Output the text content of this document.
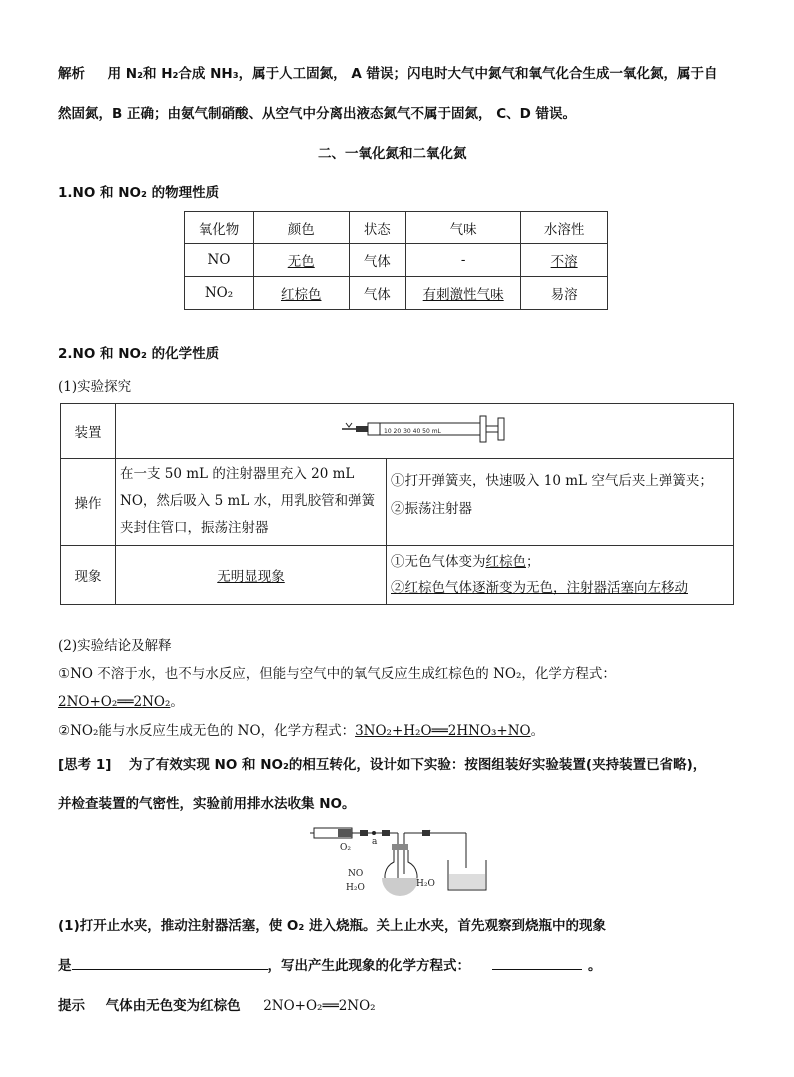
解析 用 N₂和 H₂合成 NH₃，属于人工固氮， A 错误；闪电时大气中氮气和氧气化合生成一氧化氮，属于自
然固氮，B 正确；由氨气制硝酸、从空气中分离出液态氮气不属于固氮， C、D 错误。
二、一氧化氮和二氧化氮
1.NO 和 NO₂ 的物理性质
氧化物	颜色	状态	气味	水溶性
NO	无色	气体	-	不溶
NO₂	红棕色	气体	有刺激性气味	易溶
2.NO 和 NO₂ 的化学性质
(1)实验探究
装置	10 20 30 40 50 mL	

操作	在一支 50 mL 的注射器里充入 20 mL NO，然后吸入 5 mL 水，用乳胶管和弹簧夹封住管口，振荡注射器	①打开弹簧夹，快速吸入 10 mL 空气后夹上弹簧夹；
②振荡注射器

现象	无明显现象	①无色气体变为红棕色；
②红棕色气体逐渐变为无色，注射器活塞向左移动
(2)实验结论及解释
①NO 不溶于水，也不与水反应，但能与空气中的氧气反应生成红棕色的 NO₂，化学方程式：
2NO+O₂══2NO₂。
②NO₂能与水反应生成无色的 NO，化学方程式：3NO₂+H₂O══2HNO₃+NO。
[思考 1] 为了有效实现 NO 和 NO₂的相互转化，设计如下实验：按图组装好实验装置(夹持装置已省略)，
并检查装置的气密性，实验前用排水法收集 NO。
O₂
a
NO
H₂O	H₂O
(1)打开止水夹，推动注射器活塞，使 O₂ 进入烧瓶。关上止水夹，首先观察到烧瓶中的现象
是	，写出产生此现象的化学方程式：	。
提示 气体由无色变为红棕色 2NO+O₂══2NO₂
